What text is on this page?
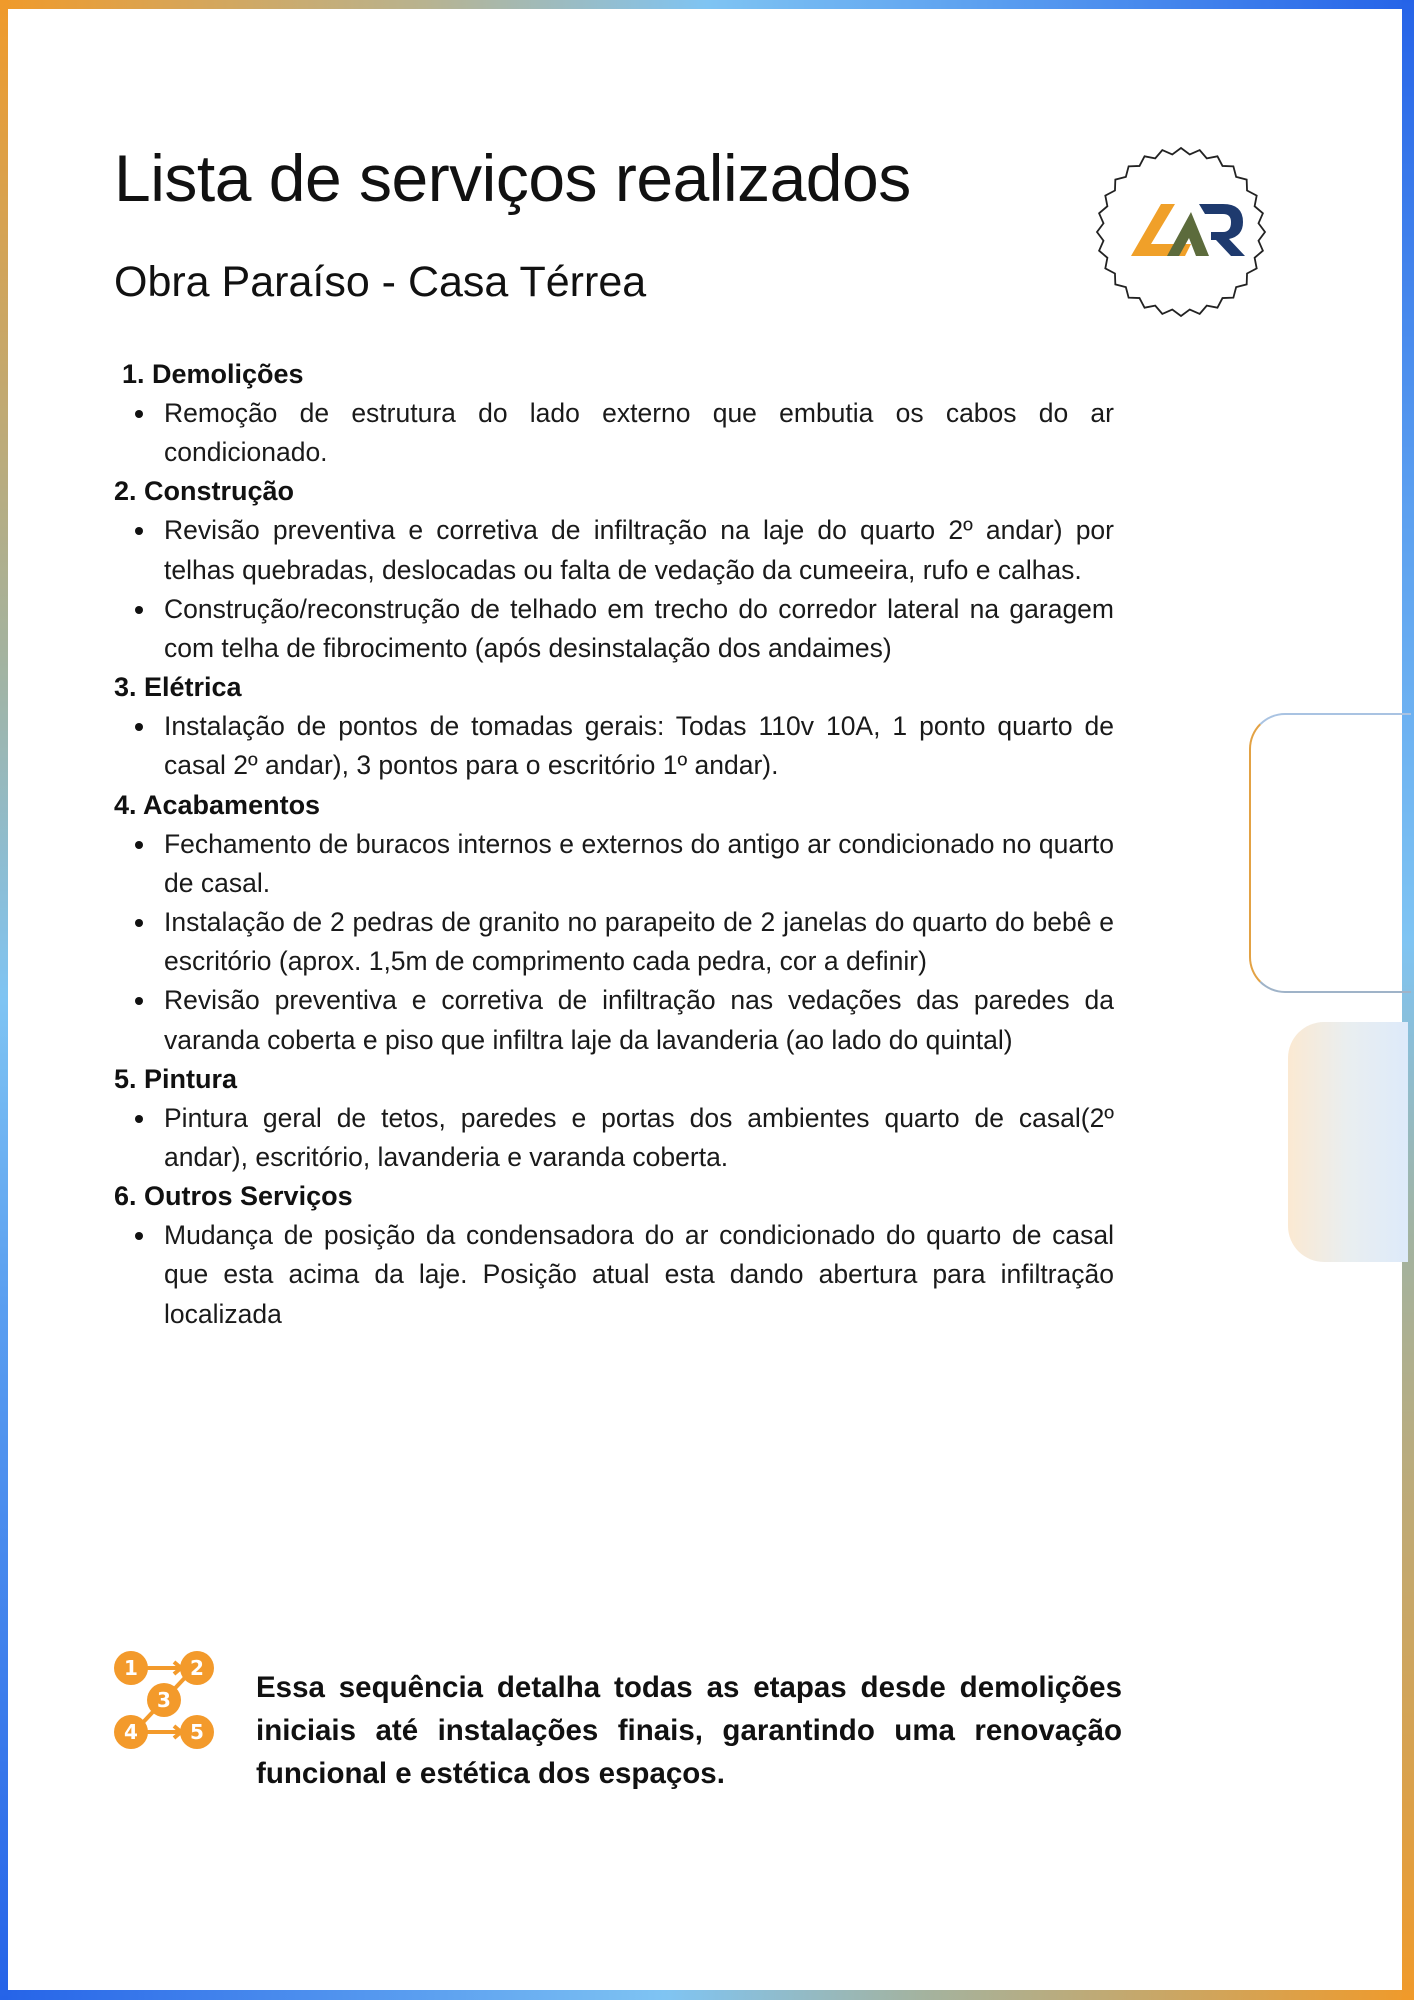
Lista de serviços realizados
Obra Paraíso - Casa Térrea
1. Demolições
Remoção de estrutura do lado externo que embutia os cabos do ar condicionado.
2. Construção
Revisão preventiva e corretiva de infiltração na laje do quarto 2º andar) por telhas quebradas, deslocadas ou falta de vedação da cumeeira, rufo e calhas.
Construção/reconstrução de telhado em trecho do corredor lateral na garagem com telha de fibrocimento (após desinstalação dos andaimes)
3. Elétrica
Instalação de pontos de tomadas gerais: Todas 110v 10A, 1 ponto quarto de casal 2º andar), 3 pontos para o escritório 1º andar).
4. Acabamentos
Fechamento de buracos internos e externos do antigo ar condicionado no quarto de casal.
Instalação de 2 pedras de granito no parapeito de 2 janelas do quarto do bebê e escritório (aprox. 1,5m de comprimento cada pedra, cor a definir)
Revisão preventiva e corretiva de infiltração nas vedações das paredes da varanda coberta e piso que infiltra laje da lavanderia (ao lado do quintal)
5. Pintura
Pintura geral de tetos, paredes e portas dos ambientes quarto de casal(2º andar), escritório, lavanderia e varanda coberta.
6. Outros Serviços
Mudança de posição da condensadora do ar condicionado do quarto de casal que esta acima da laje. Posição atual esta dando abertura para infiltração localizada
1	2
3
4	5

Essa sequência detalha todas as etapas desde demolições iniciais até instalações finais, garantindo uma renovação funcional e estética dos espaços.
